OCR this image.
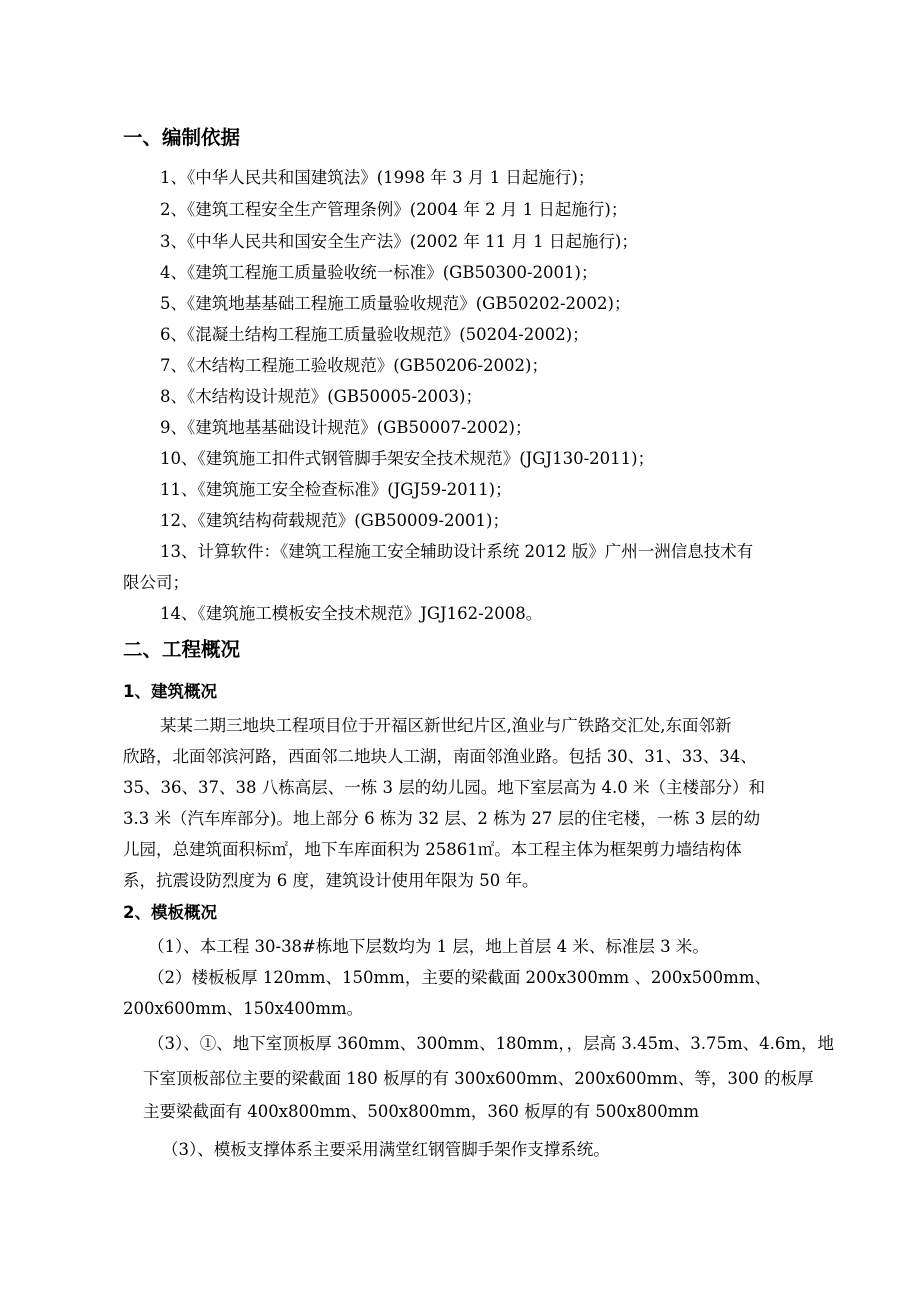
一、编制依据
1、《中华人民共和国建筑法》(1998 年 3 月 1 日起施行)；
2、《建筑工程安全生产管理条例》(2004 年 2 月 1 日起施行)；
3、《中华人民共和国安全生产法》(2002 年 11 月 1 日起施行)；
4、《建筑工程施工质量验收统一标准》(GB50300-2001)；
5、《建筑地基基础工程施工质量验收规范》(GB50202-2002)；
6、《混凝土结构工程施工质量验收规范》(50204-2002)；
7、《木结构工程施工验收规范》(GB50206-2002)；
8、《木结构设计规范》(GB50005-2003)；
9、《建筑地基基础设计规范》(GB50007-2002)；
10、《建筑施工扣件式钢管脚手架安全技术规范》(JGJ130-2011)；
11、《建筑施工安全检查标准》(JGJ59-2011)；
12、《建筑结构荷载规范》(GB50009-2001)；
13、计算软件：《建筑工程施工安全辅助设计系统 2012 版》广州一洲信息技术有
限公司；
14、《建筑施工模板安全技术规范》JGJ162-2008。
二、工程概况
1、建筑概况
某某二期三地块工程项目位于开福区新世纪片区,渔业与广铁路交汇处,东面邻新
欣路，北面邻滨河路，西面邻二地块人工湖，南面邻渔业路。包括 30、31、33、34、
35、36、37、38 八栋高层、一栋 3 层的幼儿园。地下室层高为 4.0 米（主楼部分）和
3.3 米（汽车库部分)。地上部分 6 栋为 32 层、2 栋为 27 层的住宅楼，一栋 3 层的幼
儿园，总建筑面积标㎡，地下车库面积为 25861㎡。本工程主体为框架剪力墙结构体
系，抗震设防烈度为 6 度，建筑设计使用年限为 50 年。
2、模板概况
（1）、本工程 30-38#栋地下层数均为 1 层，地上首层 4 米、标准层 3 米。
（2）楼板板厚 120mm、150mm，主要的梁截面 200x300mm 、200x500mm、
200x600mm、150x400mm。
（3）、①、地下室顶板厚 360mm、300mm、180mm，，层高 3.45m、3.75m、4.6m，地
下室顶板部位主要的梁截面 180 板厚的有 300x600mm、200x600mm、等，300 的板厚
主要梁截面有 400x800mm、500x800mm，360 板厚的有 500x800mm
（3）、模板支撑体系主要采用满堂红钢管脚手架作支撑系统。
